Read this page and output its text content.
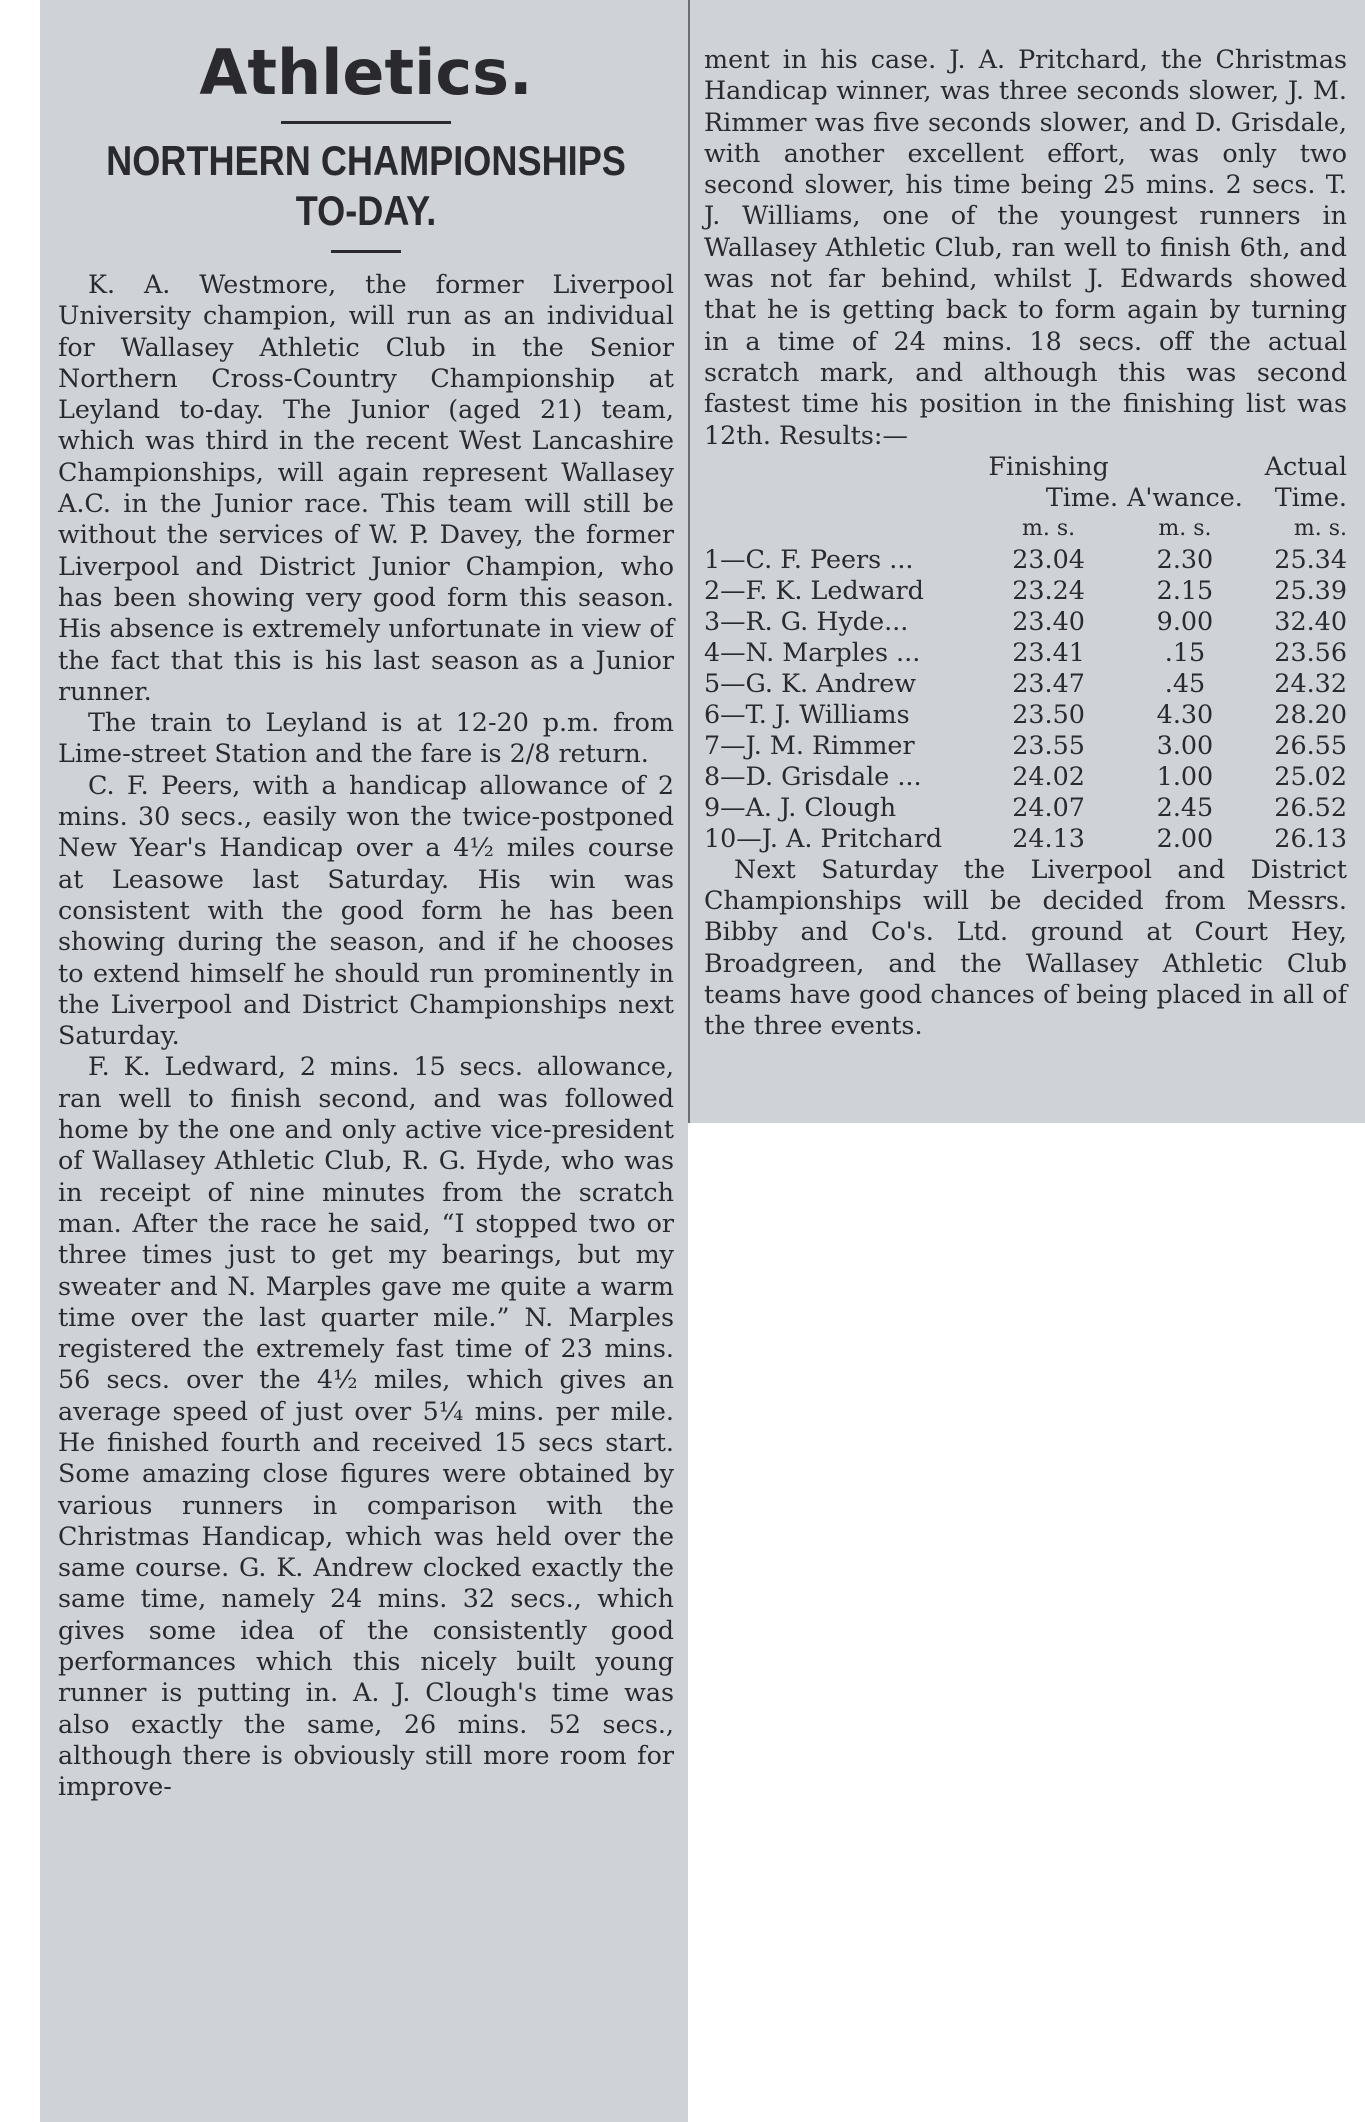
Athletics.
NORTHERN CHAMPIONSHIPS
TO-DAY.

K. A. Westmore, the former Liverpool University champion, will run as an individual for Wallasey Athletic Club in the Senior Northern Cross-Country Championship at Leyland to-day. The Junior (aged 21) team, which was third in the recent West Lancashire Championships, will again represent Wallasey A.C. in the Junior race. This team will still be without the services of W. P. Davey, the former Liverpool and District Junior Champion, who has been showing very good form this season. His absence is extremely unfortunate in view of the fact that this is his last season as a Junior runner.

The train to Leyland is at 12-20 p.m. from Lime-street Station and the fare is 2/8 return.

C. F. Peers, with a handicap allowance of 2 mins. 30 secs., easily won the twice-postponed New Year's Handicap over a 4½ miles course at Leasowe last Saturday. His win was consistent with the good form he has been showing during the season, and if he chooses to extend himself he should run prominently in the Liverpool and District Championships next Saturday.

F. K. Ledward, 2 mins. 15 secs. allowance, ran well to finish second, and was followed home by the one and only active vice-president of Wallasey Athletic Club, R. G. Hyde, who was in receipt of nine minutes from the scratch man. After the race he said, “I stopped two or three times just to get my bearings, but my sweater and N. Marples gave me quite a warm time over the last quarter mile.” N. Marples registered the extremely fast time of 23 mins. 56 secs. over the 4½ miles, which gives an average speed of just over 5¼ mins. per mile. He finished fourth and received 15 secs start. Some amazing close figures were obtained by various runners in comparison with the Christmas Handicap, which was held over the same course. G. K. Andrew clocked exactly the same time, namely 24 mins. 32 secs., which gives some idea of the consistently good performances which this nicely built young runner is putting in. A. J. Clough's time was also exactly the same, 26 mins. 52 secs., although there is obviously still more room for improve-

ment in his case. J. A. Pritchard, the Christmas Handicap winner, was three seconds slower, J. M. Rimmer was five seconds slower, and D. Grisdale, with another excellent effort, was only two second slower, his time being 25 mins. 2 secs. T. J. Williams, one of the youngest runners in Wallasey Athletic Club, ran well to finish 6th, and was not far behind, whilst J. Edwards showed that he is getting back to form again by turning in a time of 24 mins. 18 secs. off the actual scratch mark, and although this was second fastest time his position in the finishing list was 12th. Results:—

	Finishing		Actual
	Time.	A'wance.	Time.
	m. s.	m. s.	m. s.
1—C. F. Peers ...	23.04	2.30	25.34
2—F. K. Ledward	23.24	2.15	25.39
3—R. G. Hyde...	23.40	9.00	32.40
4—N. Marples ...	23.41	.15	23.56
5—G. K. Andrew	23.47	.45	24.32
6—T. J. Williams	23.50	4.30	28.20
7—J. M. Rimmer	23.55	3.00	26.55
8—D. Grisdale ...	24.02	1.00	25.02
9—A. J. Clough	24.07	2.45	26.52
10—J. A. Pritchard	24.13	2.00	26.13

Next Saturday the Liverpool and District Championships will be decided from Messrs. Bibby and Co's. Ltd. ground at Court Hey, Broadgreen, and the Wallasey Athletic Club teams have good chances of being placed in all of the three events.
